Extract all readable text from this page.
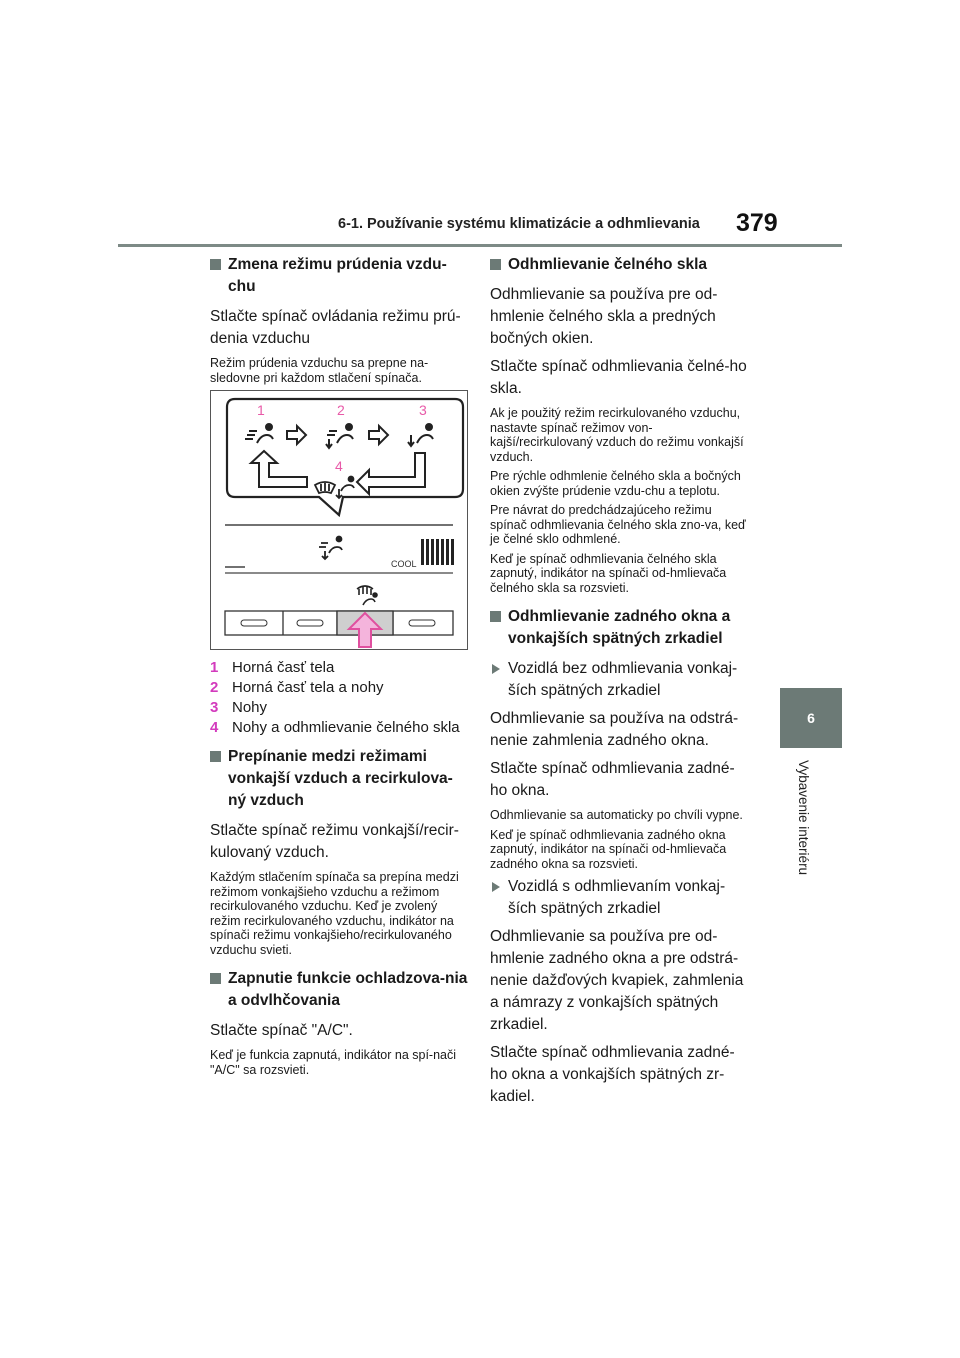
6-1. Používanie systému klimatizácie a odhmlievania 379
6
Vybavenie interiéru
Zmena režimu prúdenia vzdu-chu
Stlačte spínač ovládania režimu prú-denia vzduchu
Režim prúdenia vzduchu sa prepne na-sledovne pri každom stlačení spínača.
1	2	3
4
COOL
1 Horná časť tela
2 Horná časť tela a nohy
3 Nohy
4 Nohy a odhmlievanie čelného skla
Prepínanie medzi režimami vonkajší vzduch a recirkulova-ný vzduch
Stlačte spínač režimu vonkajší/recir-kulovaný vzduch.
Každým stlačením spínača sa prepína medzi režimom vonkajšieho vzduchu a režimom recirkulovaného vzduchu. Keď je zvolený režim recirkulovaného vzduchu, indikátor na spínači režimu vonkajšieho/recirkulovaného vzduchu svieti.
Zapnutie funkcie ochladzova-nia a odvlhčovania
Stlačte spínač "A/C".
Keď je funkcia zapnutá, indikátor na spí-nači "A/C" sa rozsvieti.
Odhmlievanie čelného skla
Odhmlievanie sa používa pre od-hmlenie čelného skla a predných bočných okien.
Stlačte spínač odhmlievania čelné-ho skla.
Ak je použitý režim recirkulovaného vzduchu, nastavte spínač režimov von-kajší/recirkulovaný vzduch do režimu vonkajší vzduch.
Pre rýchle odhmlenie čelného skla a bočných okien zvýšte prúdenie vzdu-chu a teplotu.
Pre návrat do predchádzajúceho režimu spínač odhmlievania čelného skla zno-va, keď je čelné sklo odhmlené.
Keď je spínač odhmlievania čelného skla zapnutý, indikátor na spínači od-hmlievača čelného skla sa rozsvieti.
Odhmlievanie zadného okna a vonkajších spätných zrkadiel
Vozidlá bez odhmlievania vonkaj-ších spätných zrkadiel
Odhmlievanie sa používa na odstrá-nenie zahmlenia zadného okna.
Stlačte spínač odhmlievania zadné-ho okna.
Odhmlievanie sa automaticky po chvíli vypne.
Keď je spínač odhmlievania zadného okna zapnutý, indikátor na spínači od-hmlievača zadného okna sa rozsvieti.
Vozidlá s odhmlievaním vonkaj-ších spätných zrkadiel
Odhmlievanie sa používa pre od-hmlenie zadného okna a pre odstrá-nenie dažďových kvapiek, zahmlenia a námrazy z vonkajších spätných zrkadiel.
Stlačte spínač odhmlievania zadné-ho okna a vonkajších spätných zr-kadiel.
